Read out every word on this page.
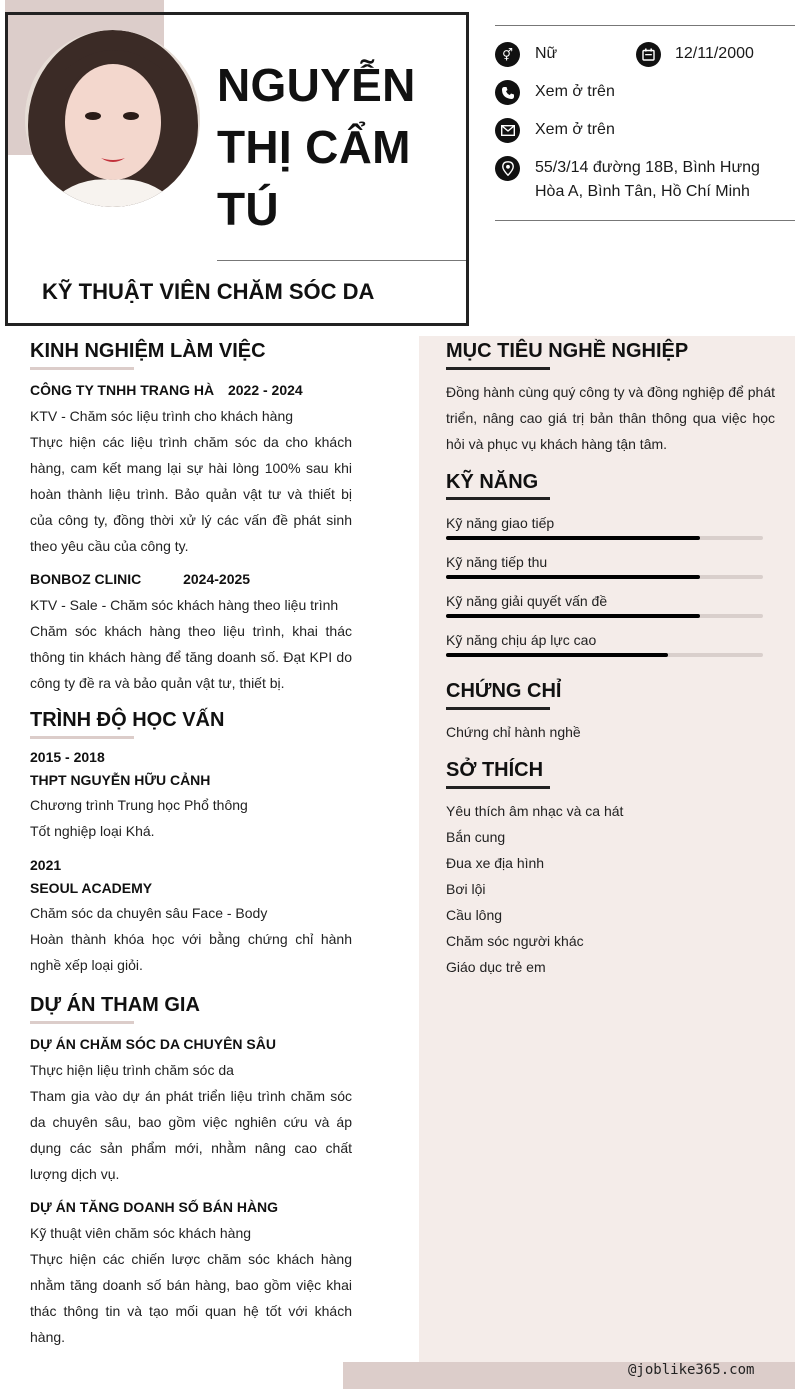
NGUYỄN
THỊ CẨM
TÚ
KỸ THUẬT VIÊN CHĂM SÓC DA
⚥	Nữ	12/11/2000
Xem ở trên
Xem ở trên
55/3/14 đường 18B, Bình Hưng
Hòa A, Bình Tân, Hồ Chí Minh
KINH NGHIỆM LÀM VIỆC
CÔNG TY TNHH TRANG HÀ 2022 - 2024
KTV - Chăm sóc liệu trình cho khách hàng
Thực hiện các liệu trình chăm sóc da cho khách hàng, cam kết mang lại sự hài lòng 100% sau khi hoàn thành liệu trình. Bảo quản vật tư và thiết bị của công ty, đồng thời xử lý các vấn đề phát sinh theo yêu cầu của công ty.
BONBOZ CLINIC	2024-2025
KTV - Sale - Chăm sóc khách hàng theo liệu trình
Chăm sóc khách hàng theo liệu trình, khai thác thông tin khách hàng để tăng doanh số. Đạt KPI do công ty đề ra và bảo quản vật tư, thiết bị.
TRÌNH ĐỘ HỌC VẤN
2015 - 2018
THPT NGUYỄN HỮU CẢNH
Chương trình Trung học Phổ thông
Tốt nghiệp loại Khá.
2021
SEOUL ACADEMY
Chăm sóc da chuyên sâu Face - Body
Hoàn thành khóa học với bằng chứng chỉ hành nghề xếp loại giỏi.
DỰ ÁN THAM GIA
DỰ ÁN CHĂM SÓC DA CHUYÊN SÂU
Thực hiện liệu trình chăm sóc da
Tham gia vào dự án phát triển liệu trình chăm sóc da chuyên sâu, bao gồm việc nghiên cứu và áp dụng các sản phẩm mới, nhằm nâng cao chất lượng dịch vụ.
DỰ ÁN TĂNG DOANH SỐ BÁN HÀNG
Kỹ thuật viên chăm sóc khách hàng
Thực hiện các chiến lược chăm sóc khách hàng nhằm tăng doanh số bán hàng, bao gồm việc khai thác thông tin và tạo mối quan hệ tốt với khách hàng.
MỤC TIÊU NGHỀ NGHIỆP
Đồng hành cùng quý công ty và đồng nghiệp để phát triển, nâng cao giá trị bản thân thông qua việc học hỏi và phục vụ khách hàng tận tâm.
KỸ NĂNG
Kỹ năng giao tiếp
Kỹ năng tiếp thu
Kỹ năng giải quyết vấn đề
Kỹ năng chịu áp lực cao
CHỨNG CHỈ
Chứng chỉ hành nghề
SỞ THÍCH
Yêu thích âm nhạc và ca hát
Bắn cung
Đua xe địa hình
Bơi lội
Cầu lông
Chăm sóc người khác
Giáo dục trẻ em
@joblike365.com
